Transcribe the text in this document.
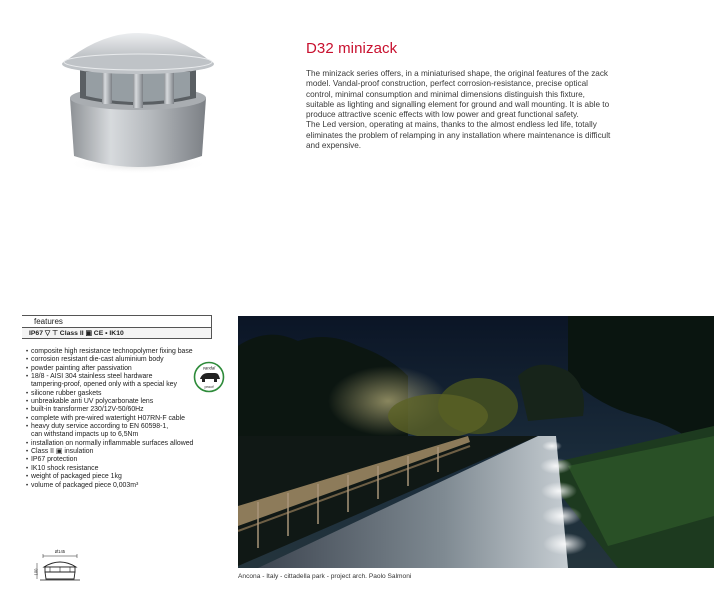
D32 minizack

The minizack series offers, in a miniaturised shape, the original features of the zack model. Vandal-proof construction, perfect corrosion-resistance, precise optical control, minimal consumption and minimal dimensions distinguish this fixture, suitable as lighting and signalling element for ground and wall mounting. It is able to produce attractive scenic effects with low power and great functional safety.

The Led version, operating at mains, thanks to the almost endless led life, totally eliminates the problem of relamping in any installation where maintenance is difficult and expensive.

features
IP67 ▽ ⊤ Class II ▣ CE • IK10
• composite high resistance technopolymer fixing base
• corrosion resistant die-cast aluminium body
• powder painting after passivation
• 18/8 - AISI 304 stainless steel hardware
tampering-proof, opened only with a special key
• silicone rubber gaskets
• unbreakable anti UV polycarbonate lens
• built-in transformer 230/12V-50/60Hz
• complete with pre-wired watertight H07RN-F cable
• heavy duty service according to EN 60598-1,
can withstand impacts up to 6,5Nm
• installation on normally inflammable surfaces allowed
• Class II ▣ insulation
• IP67 protection
• IK10 shock resistance
• weight of packaged piece 1kg
• volume of packaged piece 0,003m³
vandal
proof
Ø145
100
Ancona - Italy - cittadella park - project arch. Paolo Salmoni
